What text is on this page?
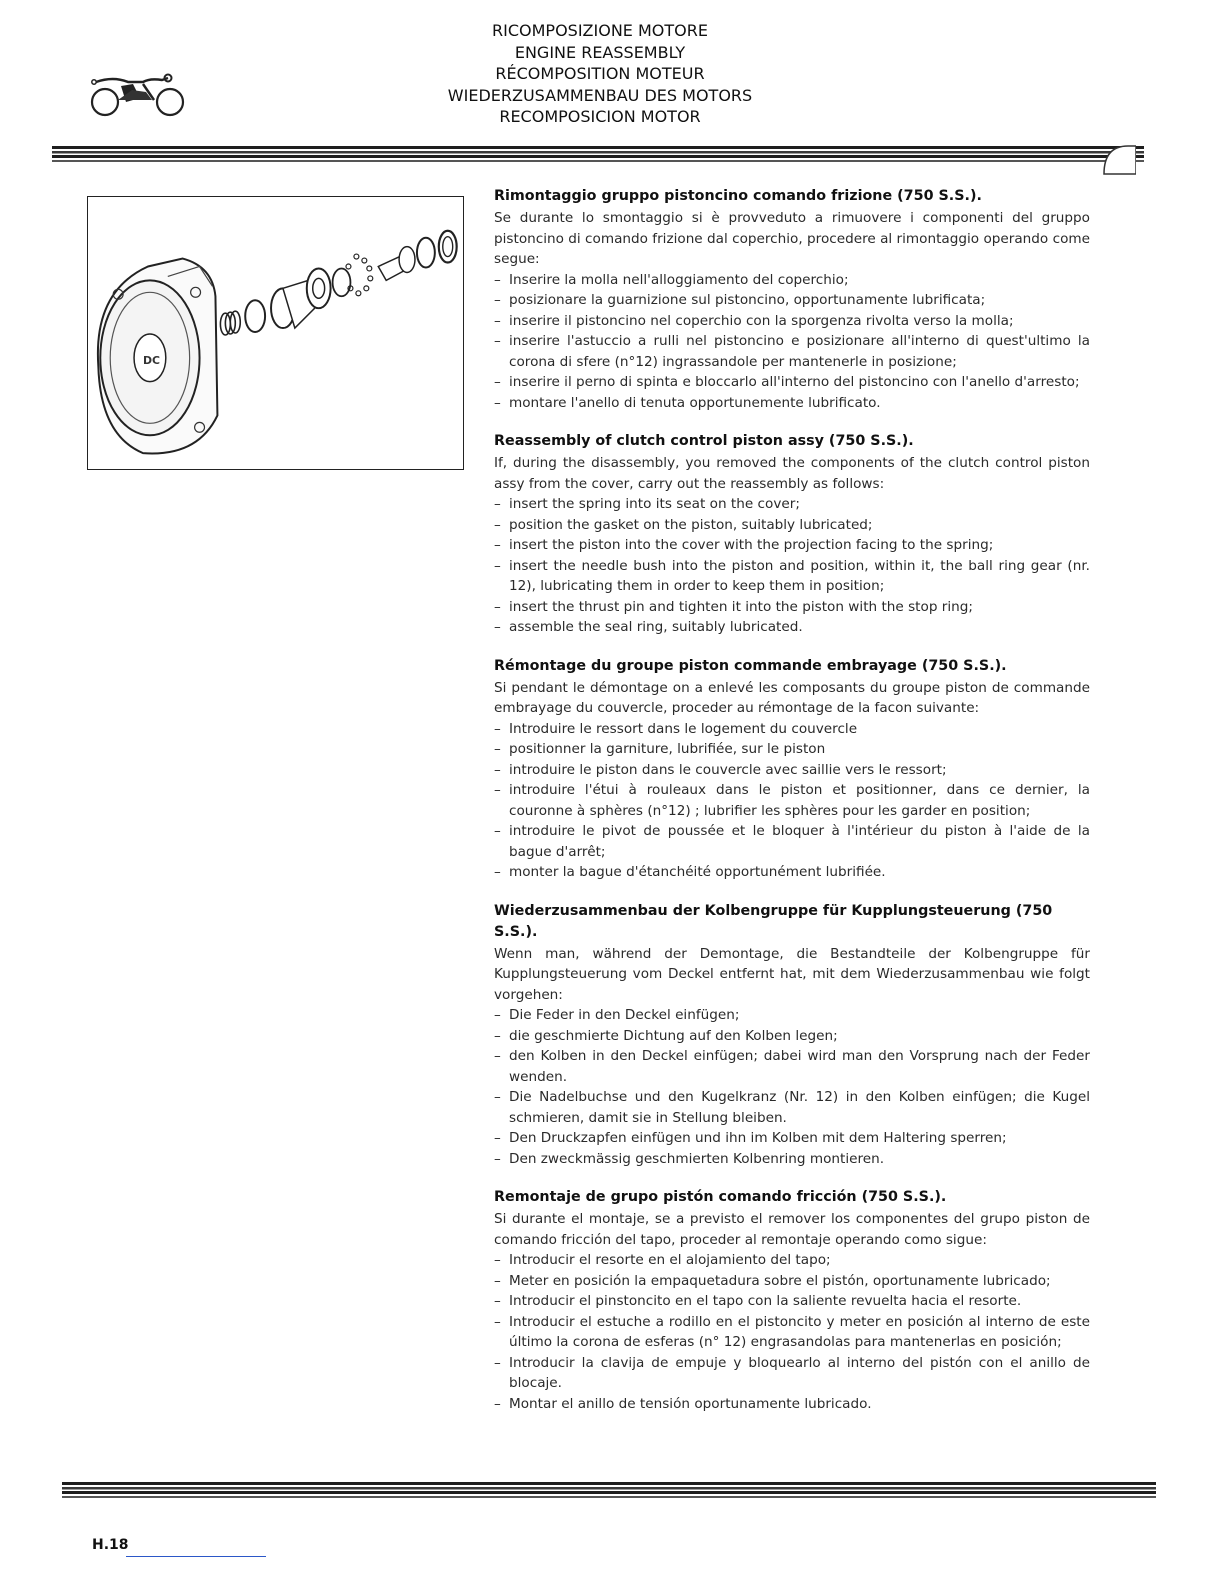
RICOMPOSIZIONE MOTORE
ENGINE REASSEMBLY
RÉCOMPOSITION MOTEUR
WIEDERZUSAMMENBAU DES MOTORS
RECOMPOSICION MOTOR
DC
Rimontaggio gruppo pistoncino comando frizione (750 S.S.).

Se durante lo smontaggio si è provveduto a rimuovere i componenti del gruppo pistoncino di comando frizione dal coperchio, procedere al rimontaggio operando come segue:

– Inserire la molla nell'alloggiamento del coperchio;
– posizionare la guarnizione sul pistoncino, opportunamente lubrificata;
– inserire il pistoncino nel coperchio con la sporgenza rivolta verso la molla;
– inserire l'astuccio a rulli nel pistoncino e posizionare all'interno di quest'ultimo la corona di sfere (n°12) ingrassandole per mantenerle in posizione;
– inserire il perno di spinta e bloccarlo all'interno del pistoncino con l'anello d'arresto;
– montare l'anello di tenuta opportunemente lubrificato.
Reassembly of clutch control piston assy (750 S.S.).

If, during the disassembly, you removed the components of the clutch control piston assy from the cover, carry out the reassembly as follows:

– insert the spring into its seat on the cover;
– position the gasket on the piston, suitably lubricated;
– insert the piston into the cover with the projection facing to the spring;
– insert the needle bush into the piston and position, within it, the ball ring gear (nr. 12), lubricating them in order to keep them in position;
– insert the thrust pin and tighten it into the piston with the stop ring;
– assemble the seal ring, suitably lubricated.
Rémontage du groupe piston commande embrayage (750 S.S.).

Si pendant le démontage on a enlevé les composants du groupe piston de commande embrayage du couvercle, proceder au rémontage de la facon suivante:

– Introduire le ressort dans le logement du couvercle
– positionner la garniture, lubrifiée, sur le piston
– introduire le piston dans le couvercle avec saillie vers le ressort;
– introduire l'étui à rouleaux dans le piston et positionner, dans ce dernier, la couronne à sphères (n°12) ; lubrifier les sphères pour les garder en position;
– introduire le pivot de poussée et le bloquer à l'intérieur du piston à l'aide de la bague d'arrêt;
– monter la bague d'étanchéité opportunément lubrifiée.
Wiederzusammenbau der Kolbengruppe für Kupplungsteuerung (750 S.S.).

Wenn man, während der Demontage, die Bestandteile der Kolbengruppe für Kupplungsteuerung vom Deckel entfernt hat, mit dem Wiederzusammenbau wie folgt vorgehen:

– Die Feder in den Deckel einfügen;
– die geschmierte Dichtung auf den Kolben legen;
– den Kolben in den Deckel einfügen; dabei wird man den Vorsprung nach der Feder wenden.
– Die Nadelbuchse und den Kugelkranz (Nr. 12) in den Kolben einfügen; die Kugel schmieren, damit sie in Stellung bleiben.
– Den Druckzapfen einfügen und ihn im Kolben mit dem Haltering sperren;
– Den zweckmässig geschmierten Kolbenring montieren.
Remontaje de grupo pistón comando fricción (750 S.S.).

Si durante el montaje, se a previsto el remover los componentes del grupo piston de comando fricción del tapo, proceder al remontaje operando como sigue:

– Introducir el resorte en el alojamiento del tapo;
– Meter en posición la empaquetadura sobre el pistón, oportunamente lubricado;
– Introducir el pinstoncito en el tapo con la saliente revuelta hacia el resorte.
– Introducir el estuche a rodillo en el pistoncito y meter en posición al interno de este último la corona de esferas (n° 12) engrasandolas para mantenerlas en posición;
– Introducir la clavija de empuje y bloquearlo al interno del pistón con el anillo de blocaje.
– Montar el anillo de tensión oportunamente lubricado.
H.18
